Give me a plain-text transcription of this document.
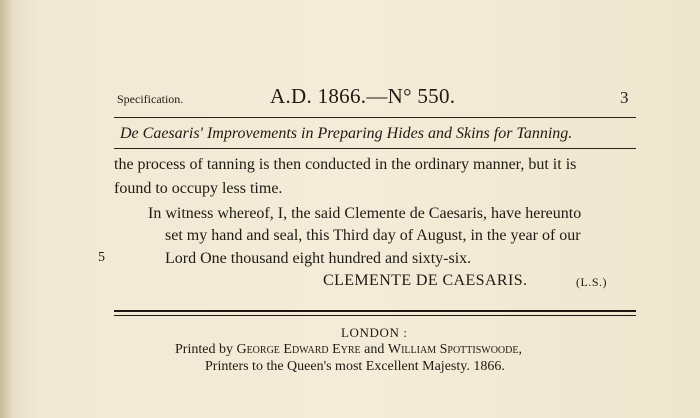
Specification.	A.D. 1866.—N° 550.	3
De Caesaris' Improvements in Preparing Hides and Skins for Tanning.
the process of tanning is then conducted in the ordinary manner, but it is
found to occupy less time.
In witness whereof, I, the said Clemente de Caesaris, have hereunto
set my hand and seal, this Third day of August, in the year of our
5	Lord One thousand eight hundred and sixty-six.
CLEMENTE DE CAESARIS.	(L.S.)
LONDON :
Printed by George Edward Eyre and William Spottiswoode,
Printers to the Queen's most Excellent Majesty. 1866.
